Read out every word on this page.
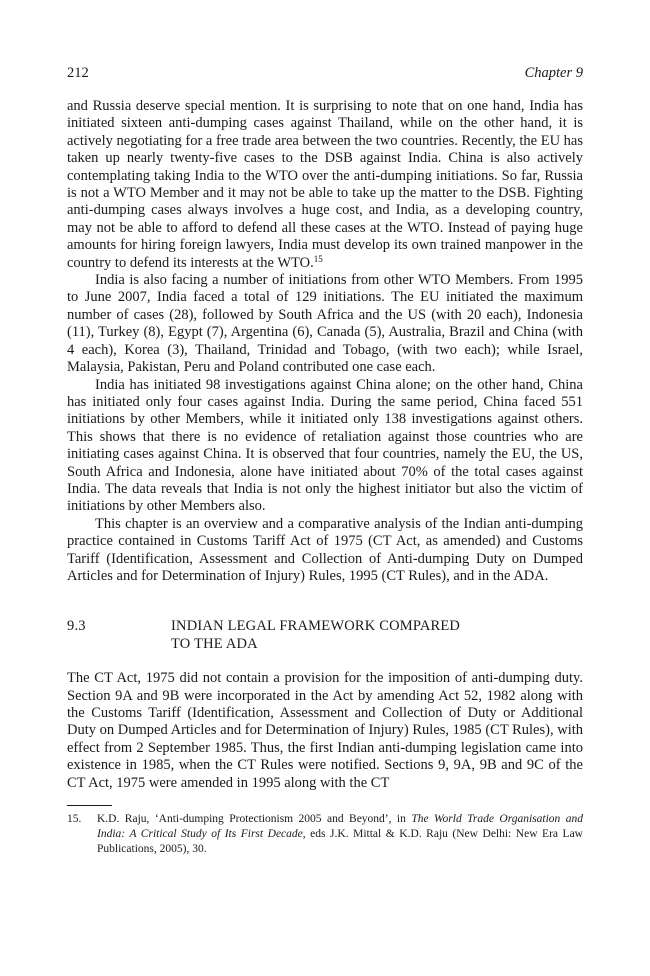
212	Chapter 9

and Russia deserve special mention. It is surprising to note that on one hand, India has initiated sixteen anti-dumping cases against Thailand, while on the other hand, it is actively negotiating for a free trade area between the two countries. Recently, the EU has taken up nearly twenty-five cases to the DSB against India. China is also actively contemplating taking India to the WTO over the anti-dumping initiations. So far, Russia is not a WTO Member and it may not be able to take up the matter to the DSB. Fighting anti-dumping cases always involves a huge cost, and India, as a developing country, may not be able to afford to defend all these cases at the WTO. Instead of paying huge amounts for hiring foreign lawyers, India must develop its own trained manpower in the country to defend its interests at the WTO.$^{15}$

India is also facing a number of initiations from other WTO Members. From 1995 to June 2007, India faced a total of 129 initiations. The EU initiated the maximum number of cases (28), followed by South Africa and the US (with 20 each), Indonesia (11), Turkey (8), Egypt (7), Argentina (6), Canada (5), Australia, Brazil and China (with 4 each), Korea (3), Thailand, Trinidad and Tobago, (with two each); while Israel, Malaysia, Pakistan, Peru and Poland contributed one case each.

India has initiated 98 investigations against China alone; on the other hand, China has initiated only four cases against India. During the same period, China faced 551 initiations by other Members, while it initiated only 138 investigations against others. This shows that there is no evidence of retaliation against those countries who are initiating cases against China. It is observed that four countries, namely the EU, the US, South Africa and Indonesia, alone have initiated about 70% of the total cases against India. The data reveals that India is not only the highest initiator but also the victim of initiations by other Members also.

This chapter is an overview and a comparative analysis of the Indian anti-dumping practice contained in Customs Tariff Act of 1975 (CT Act, as amended) and Customs Tariff (Identification, Assessment and Collection of Anti-dumping Duty on Dumped Articles and for Determination of Injury) Rules, 1995 (CT Rules), and in the ADA.

9.3	INDIAN LEGAL FRAMEWORK COMPARED
TO THE ADA

The CT Act, 1975 did not contain a provision for the imposition of anti-dumping duty. Section 9A and 9B were incorporated in the Act by amending Act 52, 1982 along with the Customs Tariff (Identification, Assessment and Collection of Duty or Additional Duty on Dumped Articles and for Determination of Injury) Rules, 1985 (CT Rules), with effect from 2 September 1985. Thus, the first Indian anti-dumping legislation came into existence in 1985, when the CT Rules were notified. Sections 9, 9A, 9B and 9C of the CT Act, 1975 were amended in 1995 along with the CT

15.	K.D. Raju, ‘Anti-dumping Protectionism 2005 and Beyond’, in The World Trade Organisation and India: A Critical Study of Its First Decade, eds J.K. Mittal & K.D. Raju (New Delhi: New Era Law Publications, 2005), 30.
